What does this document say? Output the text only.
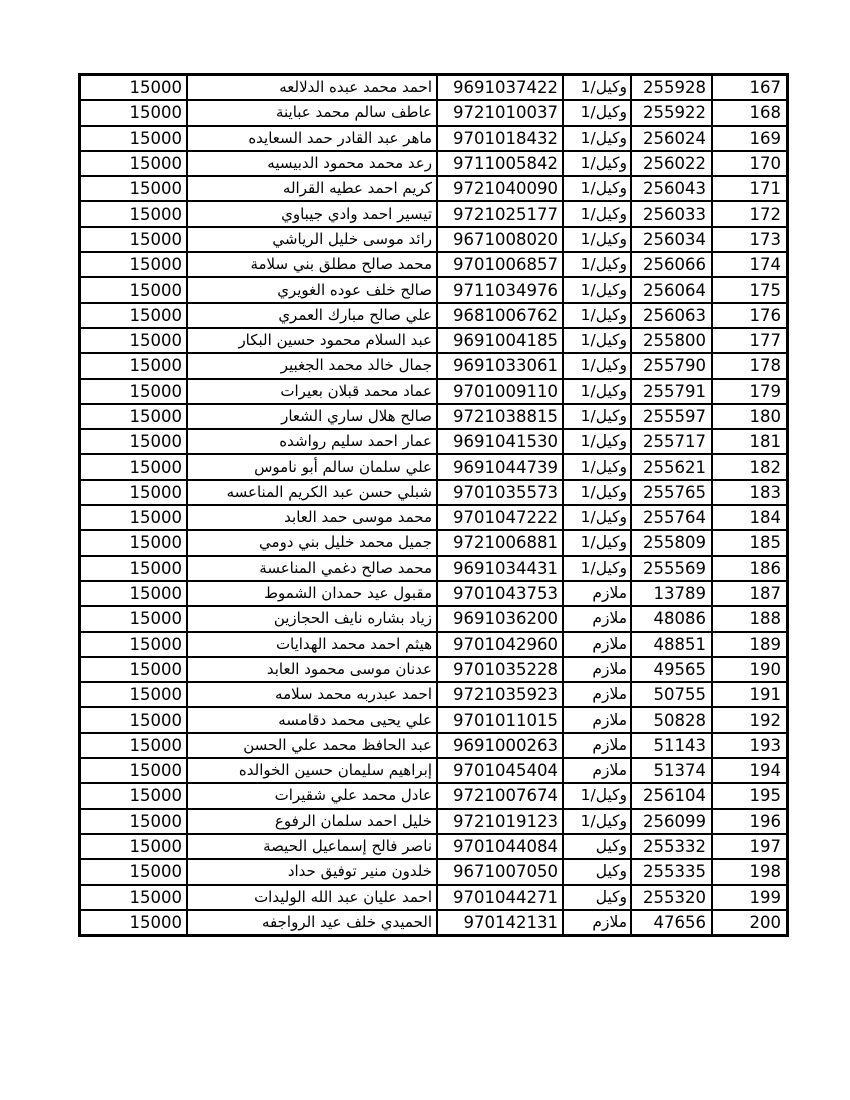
15000	احمد محمد عبده الدلالعه	9691037422	وكيل/1	255928	167
15000	عاطف سالم محمد عباينة	9721010037	وكيل/1	255922	168
15000	ماهر عبد القادر حمد السعايده	9701018432	وكيل/1	256024	169
15000	رعد محمد محمود الدبيسيه	9711005842	وكيل/1	256022	170
15000	كريم احمد عطيه القراله	9721040090	وكيل/1	256043	171
15000	تيسير احمد وادي جيباوي	9721025177	وكيل/1	256033	172
15000	رائد موسى خليل الرياشي	9671008020	وكيل/1	256034	173
15000	محمد صالح مطلق بني سلامة	9701006857	وكيل/1	256066	174
15000	صالح خلف عوده الغويري	9711034976	وكيل/1	256064	175
15000	علي صالح مبارك العمري	9681006762	وكيل/1	256063	176
15000	عبد السلام محمود حسين البكار	9691004185	وكيل/1	255800	177
15000	جمال خالد محمد الجغبير	9691033061	وكيل/1	255790	178
15000	عماد محمد قبلان بعيرات	9701009110	وكيل/1	255791	179
15000	صالح هلال ساري الشعار	9721038815	وكيل/1	255597	180
15000	عمار احمد سليم رواشده	9691041530	وكيل/1	255717	181
15000	علي سلمان سالم أبو ناموس	9691044739	وكيل/1	255621	182
15000	شبلي حسن عبد الكريم المناعسه	9701035573	وكيل/1	255765	183
15000	محمد موسى حمد العابد	9701047222	وكيل/1	255764	184
15000	جميل محمد خليل بني دومي	9721006881	وكيل/1	255809	185
15000	محمد صالح دغمي المناعسة	9691034431	وكيل/1	255569	186
15000	مقبول عيد حمدان الشموط	9701043753	ملازم	13789	187
15000	زياد بشاره نايف الحجازين	9691036200	ملازم	48086	188
15000	هيثم احمد محمد الهدايات	9701042960	ملازم	48851	189
15000	عدنان موسى محمود العابد	9701035228	ملازم	49565	190
15000	احمد عبدربه محمد سلامه	9721035923	ملازم	50755	191
15000	علي يحيى محمد دقامسه	9701011015	ملازم	50828	192
15000	عبد الحافظ محمد علي الحسن	9691000263	ملازم	51143	193
15000	إبراهيم سليمان حسين الخوالده	9701045404	ملازم	51374	194
15000	عادل محمد علي شقيرات	9721007674	وكيل/1	256104	195
15000	خليل احمد سلمان الرفوع	9721019123	وكيل/1	256099	196
15000	ناصر فالح إسماعيل الحيصة	9701044084	وكيل	255332	197
15000	خلدون منير توفيق حداد	9671007050	وكيل	255335	198
15000	احمد عليان عبد الله الوليدات	9701044271	وكيل	255320	199
15000	الحميدي خلف عيد الرواجفه	970142131	ملازم	47656	200
